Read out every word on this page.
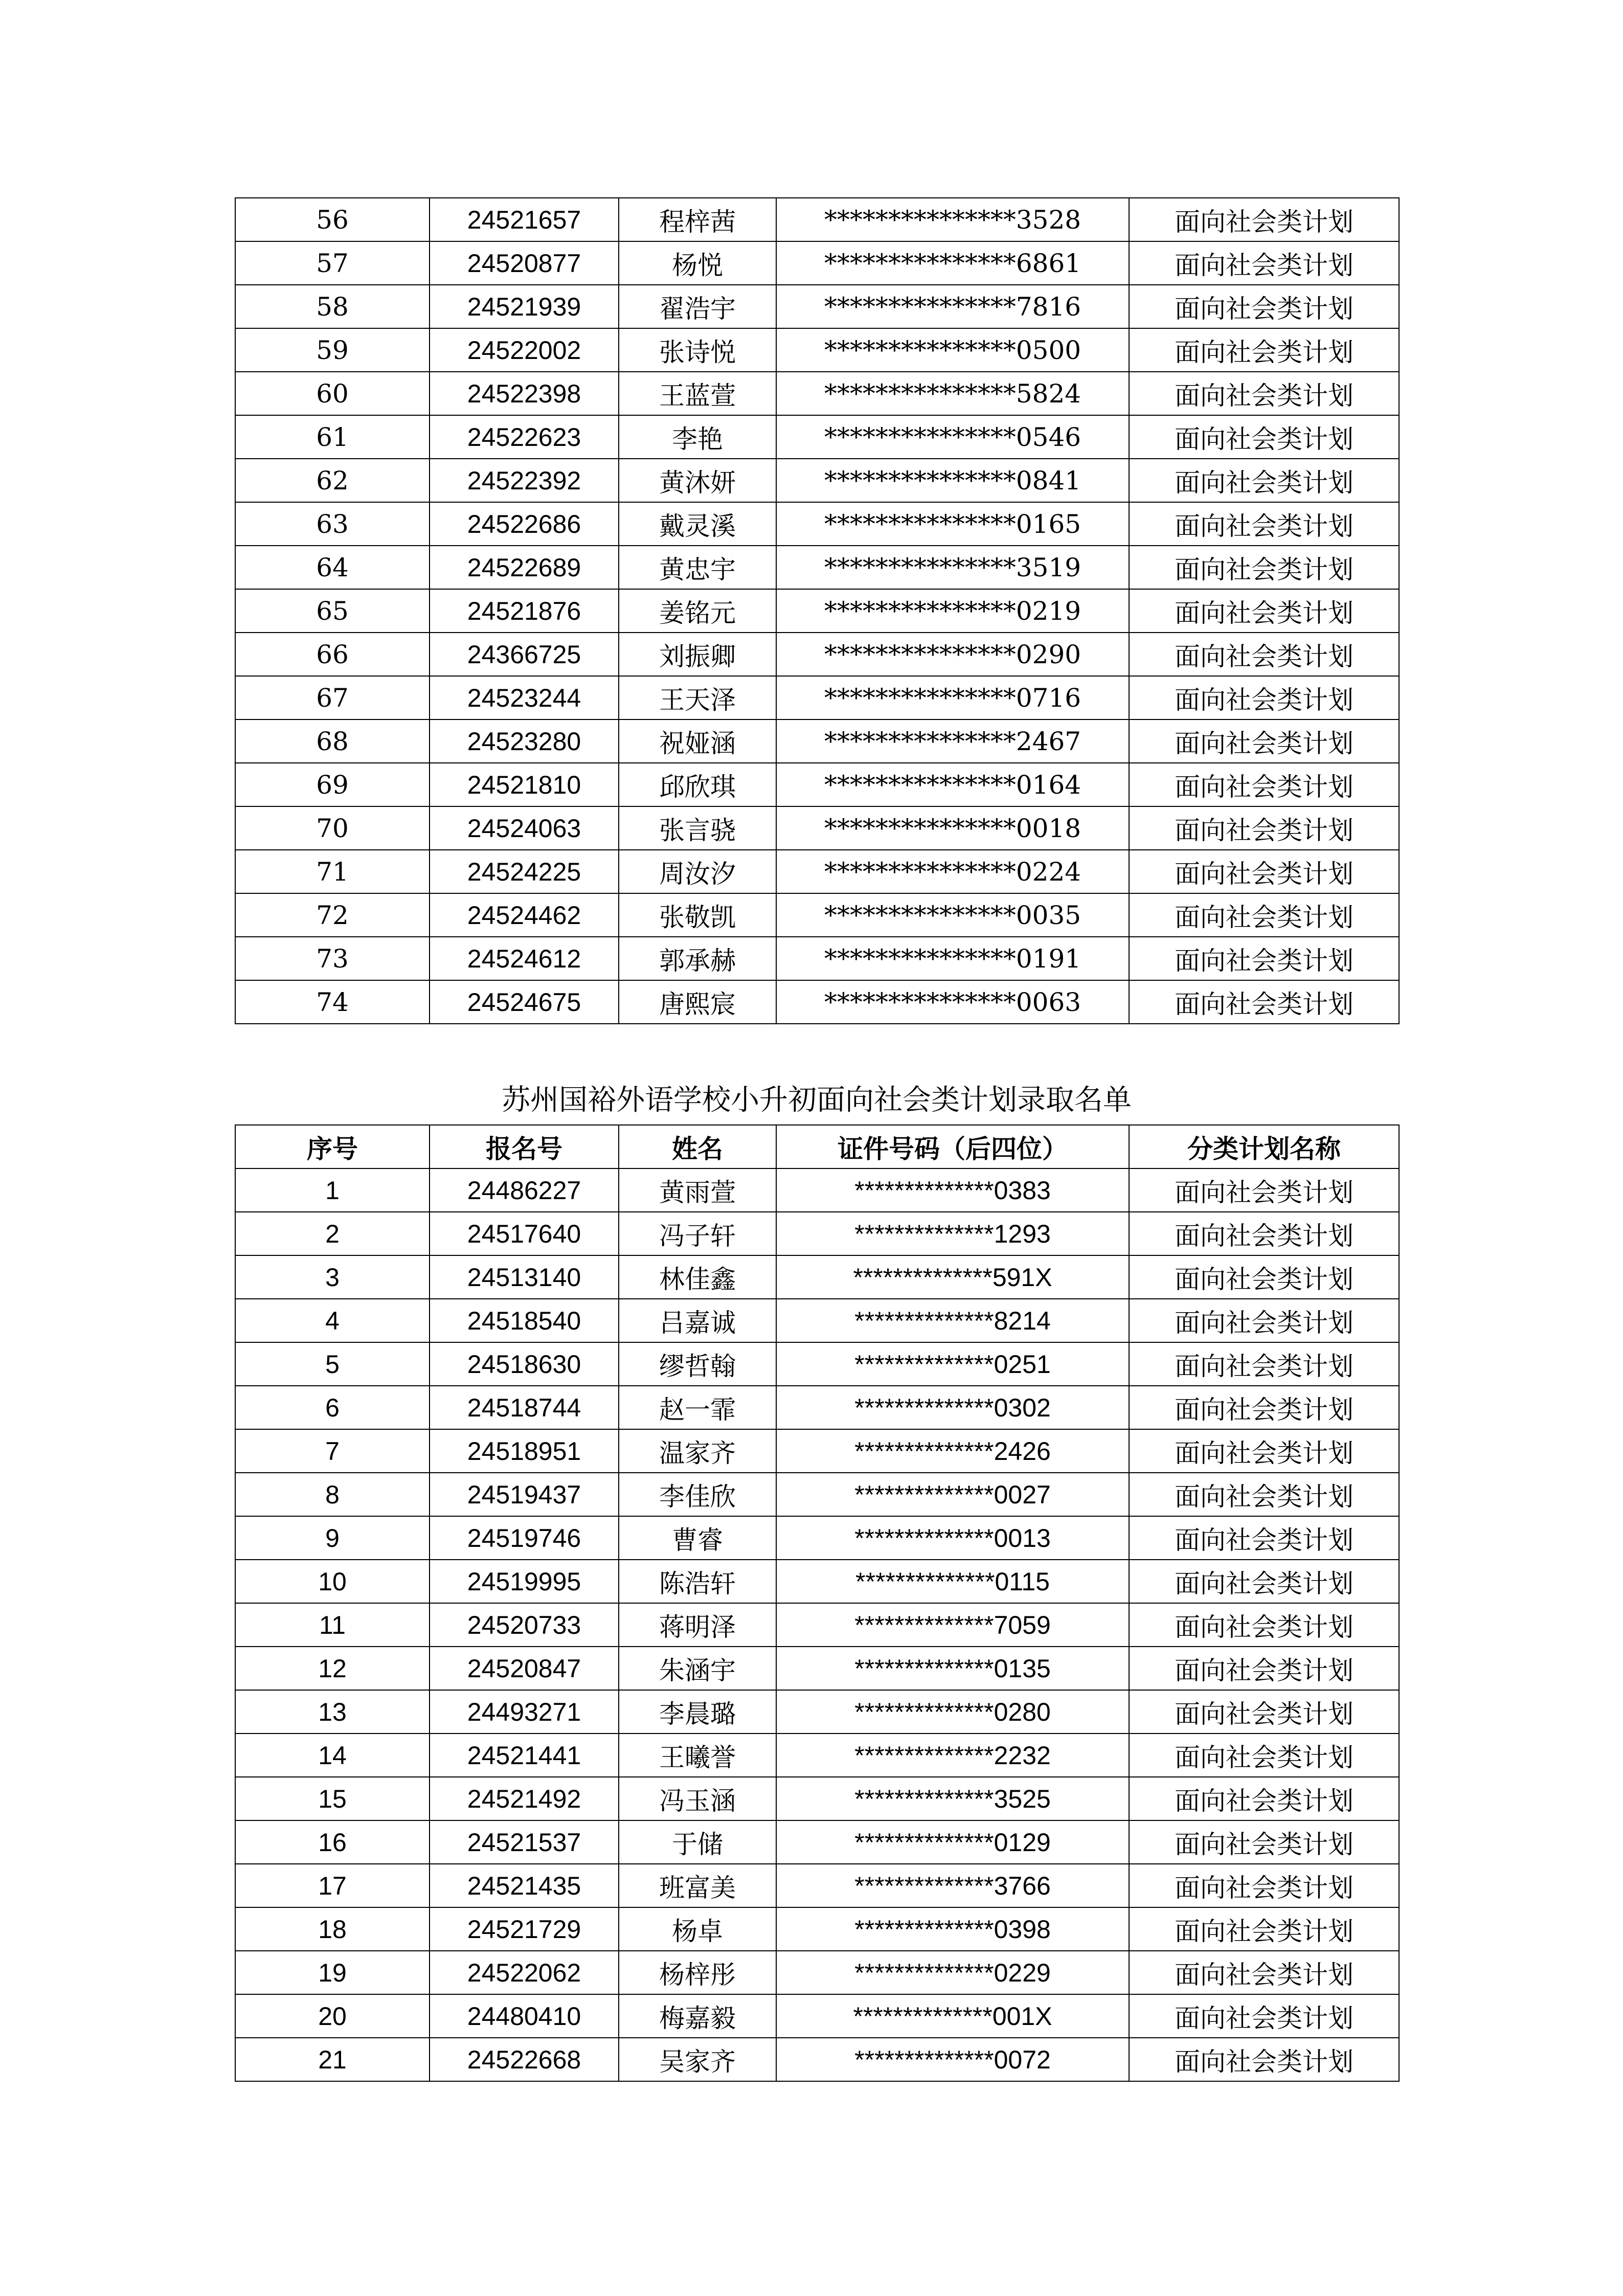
56	24521657	程梓茜	***************3528	面向社会类计划
57	24520877	杨悦	***************6861	面向社会类计划
58	24521939	翟浩宇	***************7816	面向社会类计划
59	24522002	张诗悦	***************0500	面向社会类计划
60	24522398	王蓝萱	***************5824	面向社会类计划
61	24522623	李艳	***************0546	面向社会类计划
62	24522392	黄沐妍	***************0841	面向社会类计划
63	24522686	戴灵溪	***************0165	面向社会类计划
64	24522689	黄忠宇	***************3519	面向社会类计划
65	24521876	姜铭元	***************0219	面向社会类计划
66	24366725	刘振卿	***************0290	面向社会类计划
67	24523244	王天泽	***************0716	面向社会类计划
68	24523280	祝娅涵	***************2467	面向社会类计划
69	24521810	邱欣琪	***************0164	面向社会类计划
70	24524063	张言骁	***************0018	面向社会类计划
71	24524225	周汝汐	***************0224	面向社会类计划
72	24524462	张敬凯	***************0035	面向社会类计划
73	24524612	郭承赫	***************0191	面向社会类计划
74	24524675	唐熙宸	***************0063	面向社会类计划
苏州国裕外语学校小升初面向社会类计划录取名单
序号	报名号	姓名	证件号码（后四位）	分类计划名称
1	24486227	黄雨萱	**************0383	面向社会类计划
2	24517640	冯子轩	**************1293	面向社会类计划
3	24513140	林佳鑫	**************591X	面向社会类计划
4	24518540	吕嘉诚	**************8214	面向社会类计划
5	24518630	缪哲翰	**************0251	面向社会类计划
6	24518744	赵一霏	**************0302	面向社会类计划
7	24518951	温家齐	**************2426	面向社会类计划
8	24519437	李佳欣	**************0027	面向社会类计划
9	24519746	曹睿	**************0013	面向社会类计划
10	24519995	陈浩轩	**************0115	面向社会类计划
11	24520733	蒋明泽	**************7059	面向社会类计划
12	24520847	朱涵宇	**************0135	面向社会类计划
13	24493271	李晨璐	**************0280	面向社会类计划
14	24521441	王曦誉	**************2232	面向社会类计划
15	24521492	冯玉涵	**************3525	面向社会类计划
16	24521537	于储	**************0129	面向社会类计划
17	24521435	班富美	**************3766	面向社会类计划
18	24521729	杨卓	**************0398	面向社会类计划
19	24522062	杨梓彤	**************0229	面向社会类计划
20	24480410	梅嘉毅	**************001X	面向社会类计划
21	24522668	吴家齐	**************0072	面向社会类计划
